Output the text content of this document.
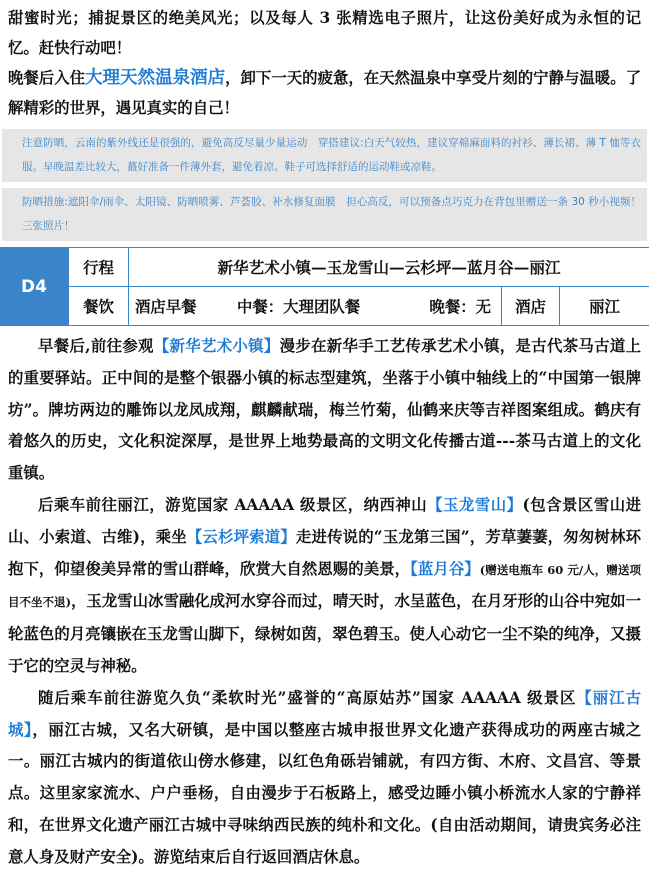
甜蜜时光；捕捉景区的绝美风光；以及每人 3 张精选电子照片，让这份美好成为永恒的记忆。赶快行动吧！
晚餐后入住大理天然温泉酒店，卸下一天的疲惫，在天然温泉中享受片刻的宁静与温暖。了解精彩的世界，遇见真实的自己！
注意防晒，云南的紫外线还是很强的，避免高反尽量少量运动　穿搭建议:白天气较热，建议穿棉麻面料的衬衫、薄长裙、薄 T 恤等衣服。早晚温差比较大，蕞好准备一件薄外套，避免着凉。鞋子可选择舒适的运动鞋或凉鞋。
防晒措施:遮阳伞/雨伞、太阳镜、防晒喷雾、芦荟胶、补水修复面膜　担心高反，可以预备点巧克力在背包里赠送一条 30 秒小视频！三张照片！
D4
行程	新华艺术小镇—玉龙雪山—云杉坪—蓝月谷—丽江
餐饮	酒店早餐	中餐：大理团队餐	晚餐：无	酒店	丽江
早餐后,前往参观【新华艺术小镇】漫步在新华手工艺传承艺术小镇，是古代茶马古道上的重要驿站。正中间的是整个银器小镇的标志型建筑，坐落于小镇中轴线上的“中国第一银牌坊”。牌坊两边的雕饰以龙凤成翔，麒麟献瑞，梅兰竹菊，仙鹤来庆等吉祥图案组成。鹤庆有着悠久的历史，文化积淀深厚，是世界上地势最高的文明文化传播古道---茶马古道上的文化重镇。
后乘车前往丽江，游览国家 AAAAA 级景区，纳西神山【玉龙雪山】(包含景区雪山进山、小索道、古维)，乘坐【云杉坪索道】走进传说的“玉龙第三国”，芳草萋萋，匆匆树林环抱下，仰望俊美异常的雪山群峰，欣赏大自然恩赐的美景，【蓝月谷】(赠送电瓶车 60 元/人，赠送项目不坐不退)，玉龙雪山冰雪融化成河水穿谷而过，晴天时，水呈蓝色，在月牙形的山谷中宛如一轮蓝色的月亮镶嵌在玉龙雪山脚下，绿树如茵，翠色碧玉。使人心动它一尘不染的纯净，又摄于它的空灵与神秘。
随后乘车前往游览久负“柔软时光”盛誉的“高原姑苏”国家 AAAAA 级景区【丽江古城】，丽江古城，又名大研镇，是中国以整座古城申报世界文化遗产获得成功的两座古城之一。丽江古城内的街道依山傍水修建，以红色角砾岩铺就，有四方街、木府、文昌宫、等景点。这里家家流水、户户垂杨，自由漫步于石板路上，感受边睡小镇小桥流水人家的宁静祥和，在世界文化遗产丽江古城中寻味纳西民族的纯朴和文化。(自由活动期间，请贵宾务必注意人身及财产安全)。游览结束后自行返回酒店休息。
